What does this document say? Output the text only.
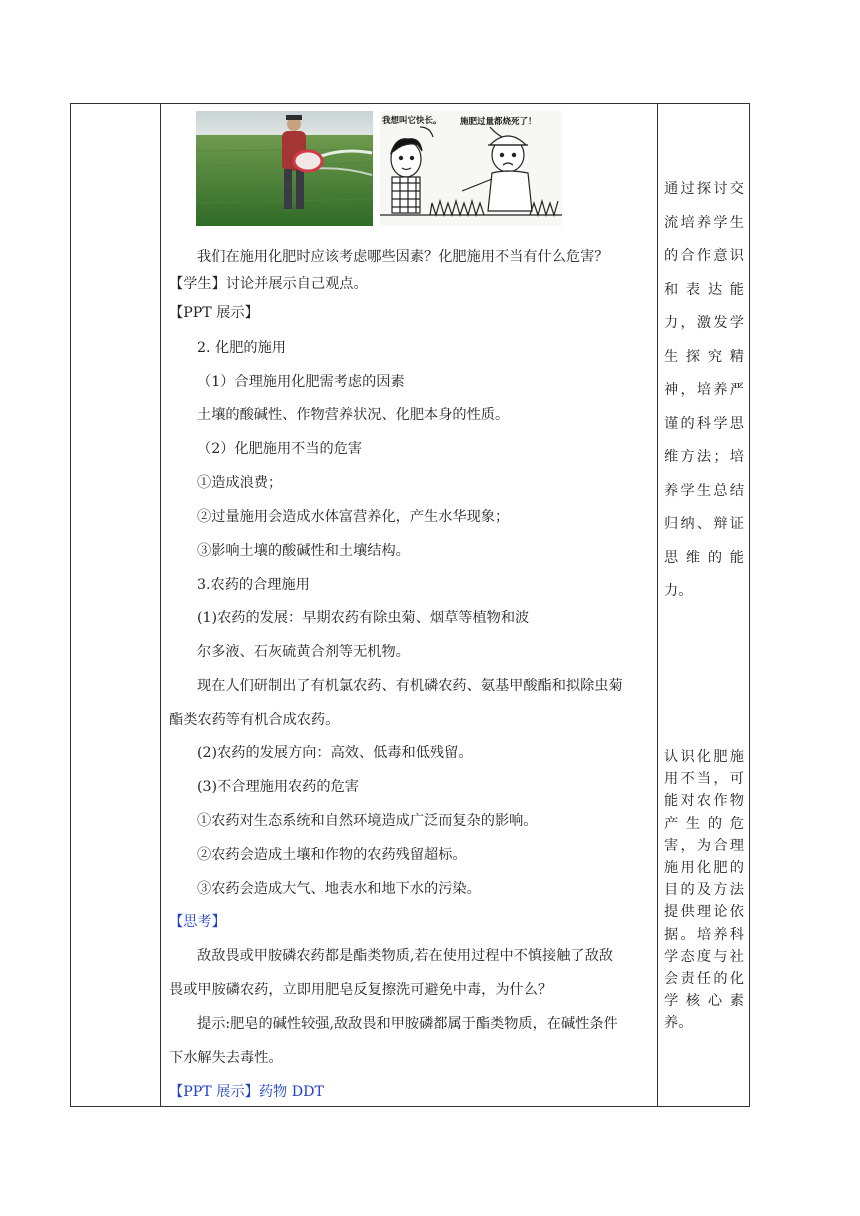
我想叫它快长。 施肥过量都烧死了！
我们在施用化肥时应该考虑哪些因素？化肥施用不当有什么危害？
【学生】讨论并展示自己观点。
【PPT 展示】
2. 化肥的施用
（1）合理施用化肥需考虑的因素
土壤的酸碱性、作物营养状况、化肥本身的性质。
（2）化肥施用不当的危害
①造成浪费；
②过量施用会造成水体富营养化，产生水华现象；
③影响土壤的酸碱性和土壤结构。
3.农药的合理施用
(1)农药的发展：早期农药有除虫菊、烟草等植物和波
尔多液、石灰硫黄合剂等无机物。
现在人们研制出了有机氯农药、有机磷农药、氨基甲酸酯和拟除虫菊
酯类农药等有机合成农药。
(2)农药的发展方向：高效、低毒和低残留。
(3)不合理施用农药的危害
①农药对生态系统和自然环境造成广泛而复杂的影响。
②农药会造成土壤和作物的农药残留超标。
③农药会造成大气、地表水和地下水的污染。
【思考】
敌敌畏或甲胺磷农药都是酯类物质,若在使用过程中不慎接触了敌敌
畏或甲胺磷农药，立即用肥皂反复擦洗可避免中毒，为什么？
提示:肥皂的碱性较强,敌敌畏和甲胺磷都属于酯类物质，在碱性条件
下水解失去毒性。
【PPT 展示】药物 DDT
通过探讨交
流培养学生
的合作意识
和 表 达 能
力，激发学
生 探 究 精
神，培养严
谨的科学思
维方法；培
养学生总结
归纳、辩证
思 维 的 能
力。
认识化肥施
用不当，可
能对农作物
产 生 的 危
害，为合理
施用化肥的
目的及方法
提供理论依
据。培养科
学态度与社
会责任的化
学 核 心 素
养。
